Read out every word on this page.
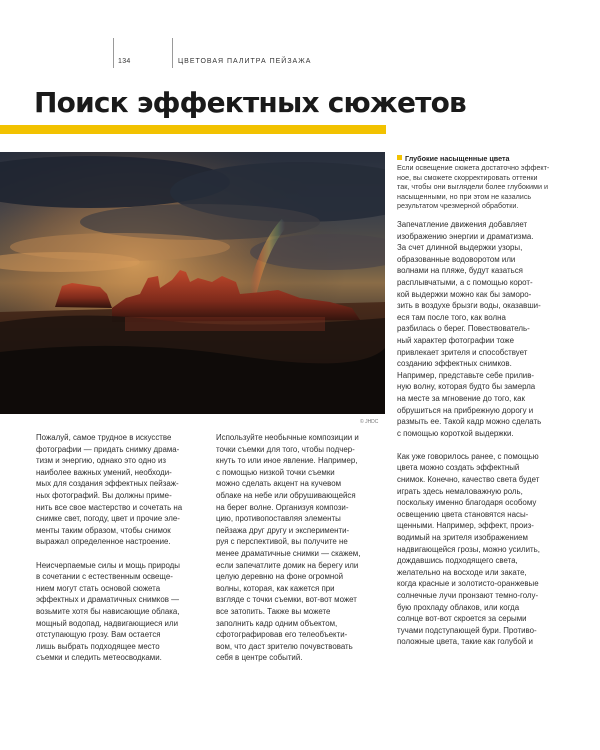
134	ЦВЕТОВАЯ ПАЛИТРА ПЕЙЗАЖА
Поиск эффектных сюжетов
© JHDC
Глубокие насыщенные цвета
Если освещение сюжета достаточно эффект-
ное, вы сможете скорректировать оттенки
так, чтобы они выглядели более глубокими и
насыщенными, но при этом не казались
результатом чрезмерной обработки.

Пожалуй, самое трудное в искусстве
фотографии — придать снимку драма-
тизм и энергию, однако это одно из
наиболее важных умений, необходи-
мых для создания эффектных пейзаж-
ных фотографий. Вы должны приме-
нить все свое мастерство и сочетать на
снимке свет, погоду, цвет и прочие эле-
менты таким образом, чтобы снимок
выражал определенное настроение.

Неисчерпаемые силы и мощь природы
в сочетании с естественным освеще-
нием могут стать основой сюжета
эффектных и драматичных снимков —
возьмите хотя бы нависающие облака,
мощный водопад, надвигающиеся или
отступающую грозу. Вам остается
лишь выбрать подходящее место
съемки и следить метеосводками.

Используйте необычные композиции и
точки съемки для того, чтобы подчер-
кнуть то или иное явление. Например,
с помощью низкой точки съемки
можно сделать акцент на кучевом
облаке на небе или обрушивающейся
на берег волне. Организуя компози-
цию, противопоставляя элементы
пейзажа друг другу и эксперименти-
руя с перспективой, вы получите не
менее драматичные снимки — скажем,
если запечатлите домик на берегу или
целую деревню на фоне огромной
волны, которая, как кажется при
взгляде с точки съемки, вот-вот может
все затопить. Также вы можете
заполнить кадр одним объектом,
сфотографировав его телеобъекти-
вом, что даст зрителю почувствовать
себя в центре событий.

Запечатление движения добавляет
изображению энергии и драматизма.
За счет длинной выдержки узоры,
образованные водоворотом или
волнами на пляже, будут казаться
расплывчатыми, а с помощью корот-
кой выдержки можно как бы заморо-
зить в воздухе брызги воды, оказавши-
еся там после того, как волна
разбилась о берег. Повествователь-
ный характер фотографии тоже
привлекает зрителя и способствует
созданию эффектных снимков.
Например, представьте себе прилив-
ную волну, которая будто бы замерла
на месте за мгновение до того, как
обрушиться на прибрежную дорогу и
размыть ее. Такой кадр можно сделать
с помощью короткой выдержки.

Как уже говорилось ранее, с помощью
цвета можно создать эффектный
снимок. Конечно, качество света будет
играть здесь немаловажную роль,
поскольку именно благодаря особому
освещению цвета становятся насы-
щенными. Например, эффект, произ-
водимый на зрителя изображением
надвигающейся грозы, можно усилить,
дождавшись подходящего света,
желательно на восходе или закате,
когда красные и золотисто-оранжевые
солнечные лучи пронзают темно-голу-
бую прохладу облаков, или когда
солнце вот-вот скроется за серыми
тучами подступающей бури. Противо-
положные цвета, такие как голубой и
